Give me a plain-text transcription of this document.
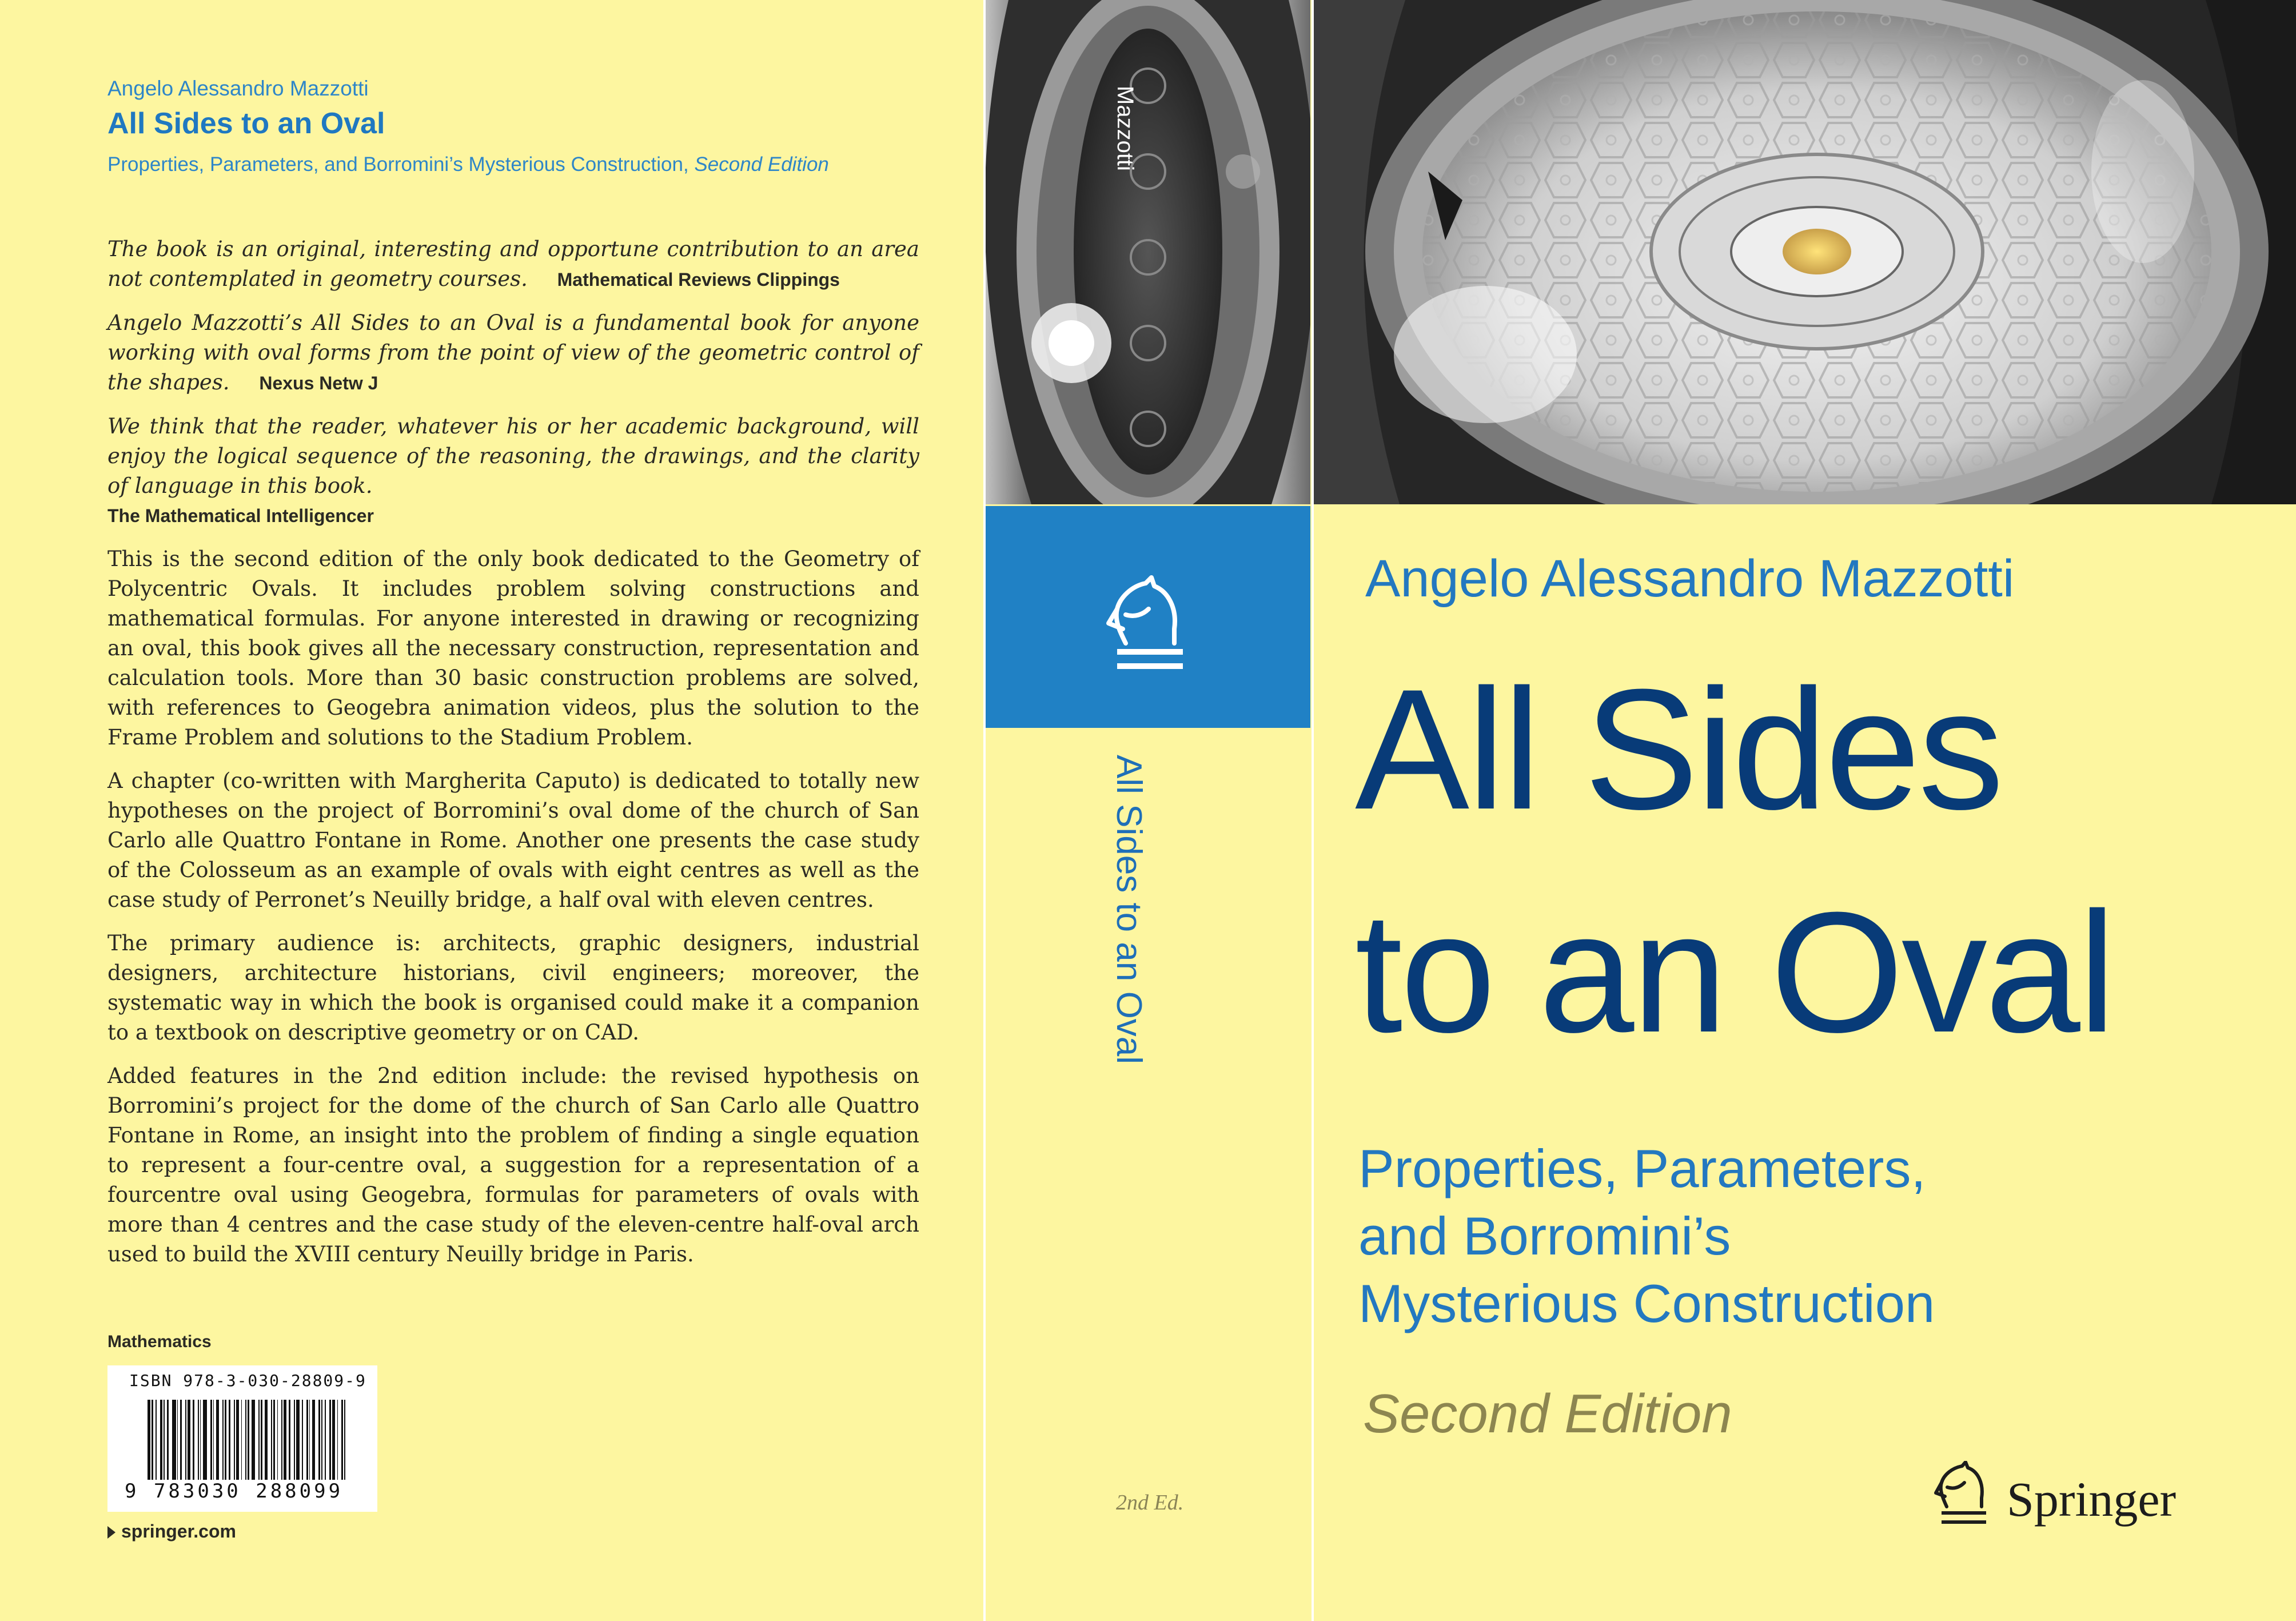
Angelo Alessandro Mazzotti
All Sides to an Oval
Properties, Parameters, and Borromini’s Mysterious Construction, Second Edition

The book is an original, interesting and opportune contribution to an area not contemplated in geometry courses. Mathematical Reviews Clippings

Angelo Mazzotti’s All Sides to an Oval is a fundamental book for anyone working with oval forms from the point of view of the geometric control of the shapes. Nexus Netw J

We think that the reader, whatever his or her academic background, will enjoy the logical sequence of the reasoning, the drawings, and the clarity of language in this book.
The Mathematical Intelligencer

This is the second edition of the only book dedicated to the Geometry of Polycentric Ovals. It includes problem solving constructions and mathematical formulas. For anyone interested in drawing or recognizing an oval, this book gives all the necessary construction, representation and calculation tools. More than 30 basic construction problems are solved, with references to Geogebra animation videos, plus the solution to the Frame Problem and solutions to the Stadium Problem.

A chapter (co-written with Margherita Caputo) is dedicated to totally new hypotheses on the project of Borromini’s oval dome of the church of San Carlo alle Quattro Fontane in Rome. Another one presents the case study of the Colosseum as an example of ovals with eight centres as well as the case study of Perronet’s Neuilly bridge, a half oval with eleven centres.

The primary audience is: architects, graphic designers, industrial designers, architecture historians, civil engineers; moreover, the systematic way in which the book is organised could make it a companion to a textbook on descriptive geometry or on CAD.

Added features in the 2nd edition include: the revised hypothesis on Borromini’s project for the dome of the church of San Carlo alle Quattro Fontane in Rome, an insight into the problem of finding a single equation to represent a four-centre oval, a suggestion for a representation of a fourcentre oval using Geogebra, formulas for parameters of ovals with more than 4 centres and the case study of the eleven-centre half-oval arch used to build the XVIII century Neuilly bridge in Paris.

Mathematics
ISBN 978-3-030-28809-9
9 783030 288099
springer.com
2nd Ed.
Mazzotti
All Sides to an Oval
Angelo Alessandro Mazzotti
All Sides
to an Oval
Properties, Parameters,
and Borromini’s
Mysterious Construction
Second Edition
Springer
